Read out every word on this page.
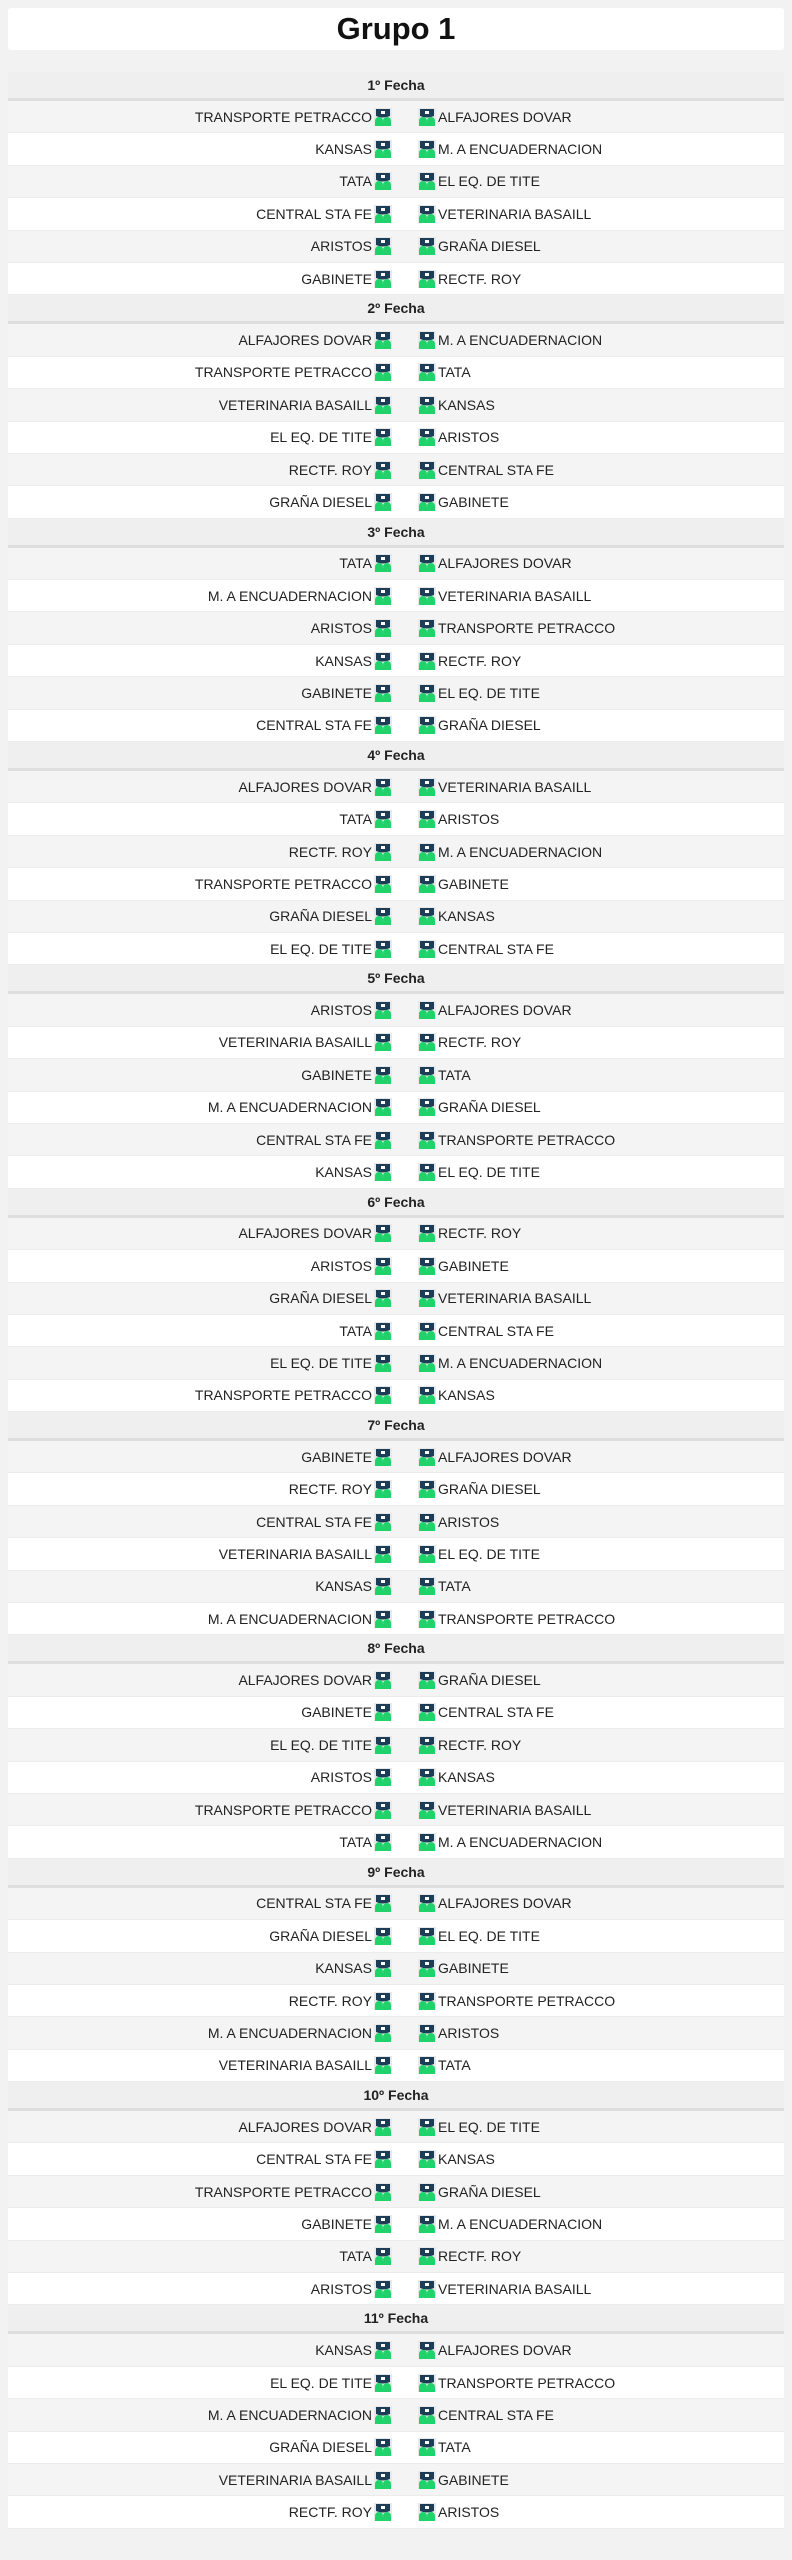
Grupo 1
1º Fecha
TRANSPORTE PETRACCO	ALFAJORES DOVAR
KANSAS	M. A ENCUADERNACION
TATA	EL EQ. DE TITE
CENTRAL STA FE	VETERINARIA BASAILL
ARISTOS	GRAÑA DIESEL
GABINETE	RECTF. ROY
2º Fecha
ALFAJORES DOVAR	M. A ENCUADERNACION
TRANSPORTE PETRACCO	TATA
VETERINARIA BASAILL	KANSAS
EL EQ. DE TITE	ARISTOS
RECTF. ROY	CENTRAL STA FE
GRAÑA DIESEL	GABINETE
3º Fecha
TATA	ALFAJORES DOVAR
M. A ENCUADERNACION	VETERINARIA BASAILL
ARISTOS	TRANSPORTE PETRACCO
KANSAS	RECTF. ROY
GABINETE	EL EQ. DE TITE
CENTRAL STA FE	GRAÑA DIESEL
4º Fecha
ALFAJORES DOVAR	VETERINARIA BASAILL
TATA	ARISTOS
RECTF. ROY	M. A ENCUADERNACION
TRANSPORTE PETRACCO	GABINETE
GRAÑA DIESEL	KANSAS
EL EQ. DE TITE	CENTRAL STA FE
5º Fecha
ARISTOS	ALFAJORES DOVAR
VETERINARIA BASAILL	RECTF. ROY
GABINETE	TATA
M. A ENCUADERNACION	GRAÑA DIESEL
CENTRAL STA FE	TRANSPORTE PETRACCO
KANSAS	EL EQ. DE TITE
6º Fecha
ALFAJORES DOVAR	RECTF. ROY
ARISTOS	GABINETE
GRAÑA DIESEL	VETERINARIA BASAILL
TATA	CENTRAL STA FE
EL EQ. DE TITE	M. A ENCUADERNACION
TRANSPORTE PETRACCO	KANSAS
7º Fecha
GABINETE	ALFAJORES DOVAR
RECTF. ROY	GRAÑA DIESEL
CENTRAL STA FE	ARISTOS
VETERINARIA BASAILL	EL EQ. DE TITE
KANSAS	TATA
M. A ENCUADERNACION	TRANSPORTE PETRACCO
8º Fecha
ALFAJORES DOVAR	GRAÑA DIESEL
GABINETE	CENTRAL STA FE
EL EQ. DE TITE	RECTF. ROY
ARISTOS	KANSAS
TRANSPORTE PETRACCO	VETERINARIA BASAILL
TATA	M. A ENCUADERNACION
9º Fecha
CENTRAL STA FE	ALFAJORES DOVAR
GRAÑA DIESEL	EL EQ. DE TITE
KANSAS	GABINETE
RECTF. ROY	TRANSPORTE PETRACCO
M. A ENCUADERNACION	ARISTOS
VETERINARIA BASAILL	TATA
10º Fecha
ALFAJORES DOVAR	EL EQ. DE TITE
CENTRAL STA FE	KANSAS
TRANSPORTE PETRACCO	GRAÑA DIESEL
GABINETE	M. A ENCUADERNACION
TATA	RECTF. ROY
ARISTOS	VETERINARIA BASAILL
11º Fecha
KANSAS	ALFAJORES DOVAR
EL EQ. DE TITE	TRANSPORTE PETRACCO
M. A ENCUADERNACION	CENTRAL STA FE
GRAÑA DIESEL	TATA
VETERINARIA BASAILL	GABINETE
RECTF. ROY	ARISTOS
